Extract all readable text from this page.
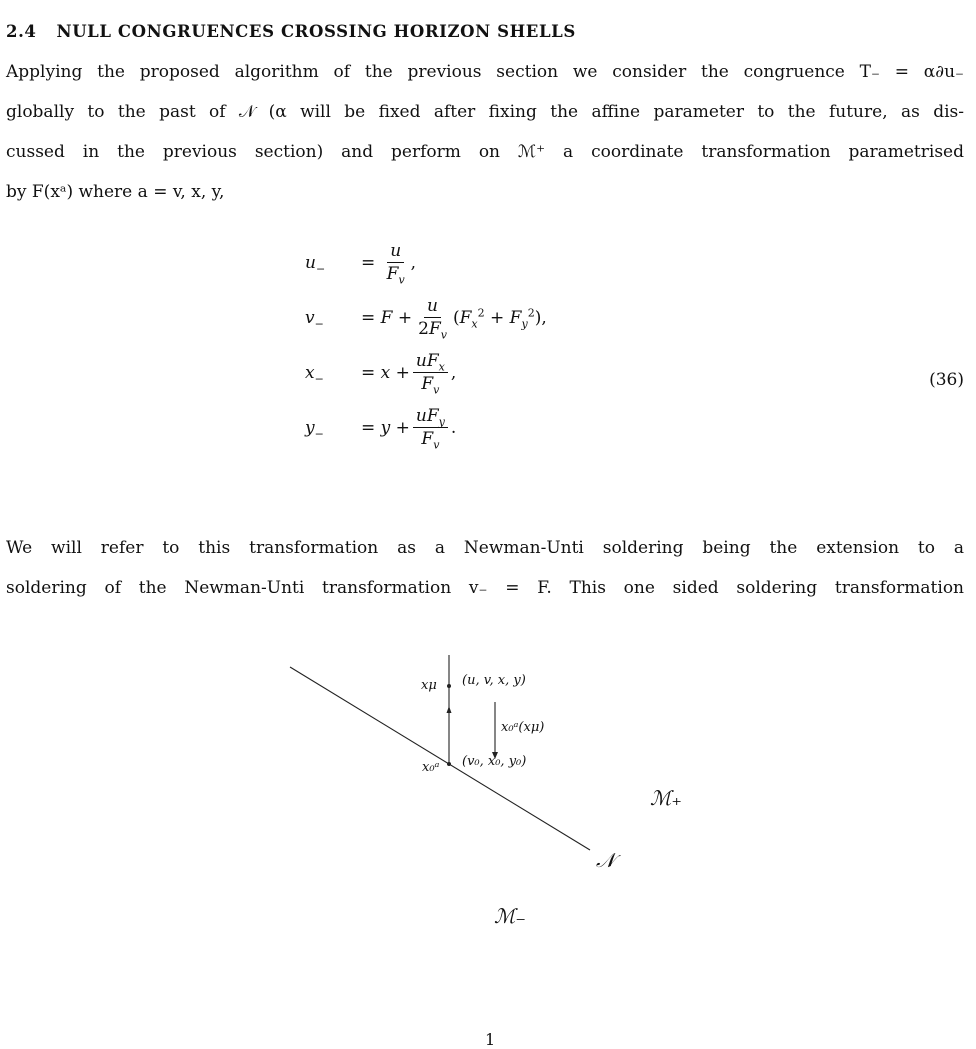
2.4 NULL CONGRUENCES CROSSING HORIZON SHELLS
Applying the proposed algorithm of the previous section we consider the congruence T₋ = α∂u₋
globally to the past of 𝒩 (α will be fixed after fixing the affine parameter to the future, as dis-
cussed in the previous section) and perform on ℳ⁺ a coordinate transformation parametrised
by F(xᵃ) where a = v, x, y,
$u_-$	= $\frac{u}{F_v}$ ,
$v_-$	= $F + \frac{u}{2F_v} (F_x^2 + F_y^2)$,
$x_-$	= $x + \frac{uF_x}{F_v}$ ,
$y_-$	= $y + \frac{uF_y}{F_v}$ .
(36)
We will refer to this transformation as a Newman-Unti soldering being the extension to a
soldering of the Newman-Unti transformation v₋ = F. This one sided soldering transformation
xμ (u, v, x, y)
x₀ᵃ(xμ)
x₀ᵃ (v₀, x₀, y₀)
ℳ₊
𝒩
ℳ₋
1
